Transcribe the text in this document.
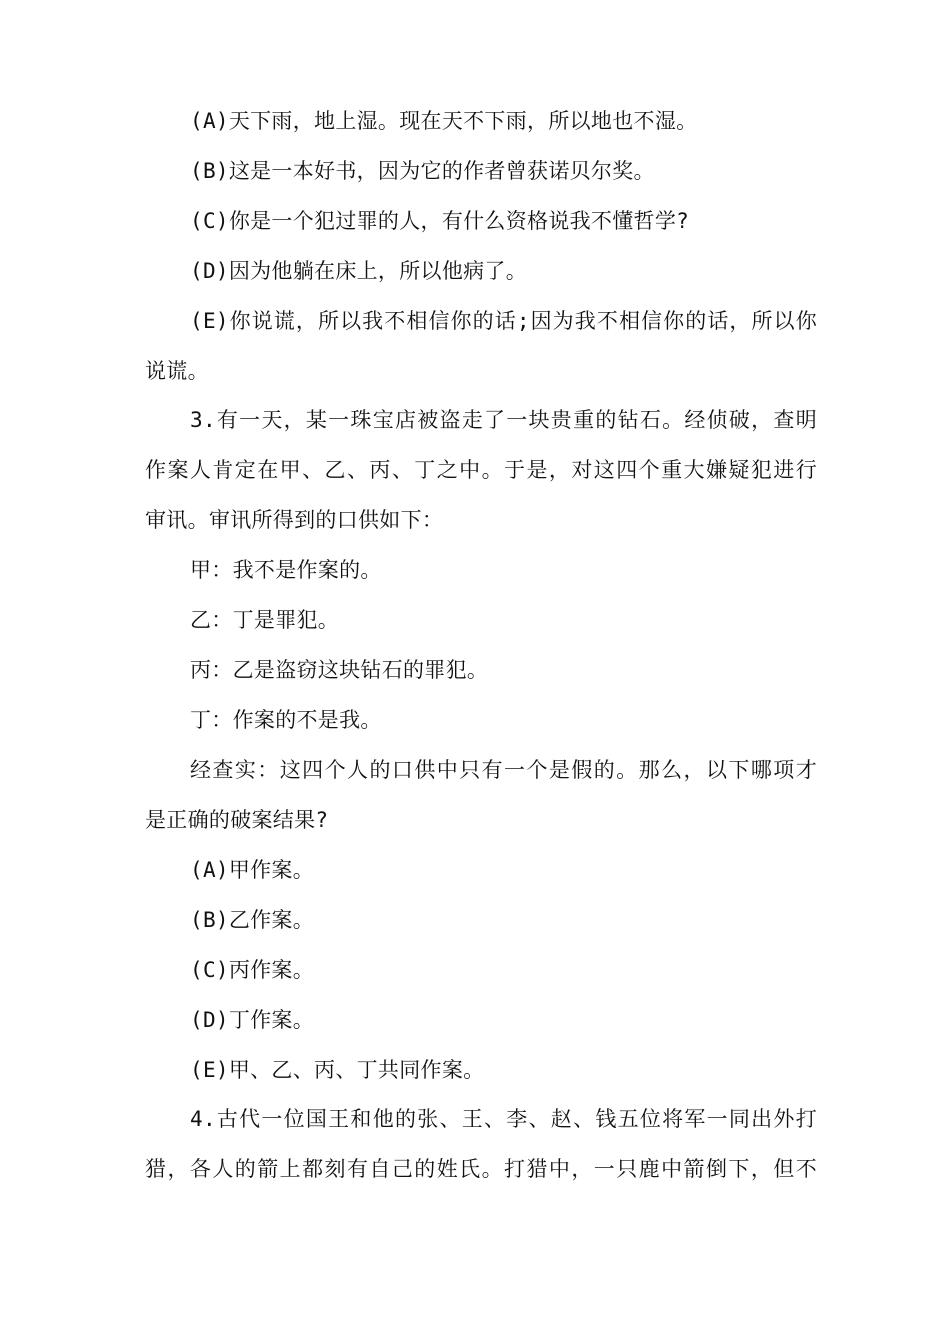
(A)天下雨，地上湿。现在天不下雨，所以地也不湿。
(B)这是一本好书，因为它的作者曾获诺贝尔奖。
(C)你是一个犯过罪的人，有什么资格说我不懂哲学?
(D)因为他躺在床上，所以他病了。
(E)你说谎，所以我不相信你的话;因为我不相信你的话，所以你
说谎。
3.有一天，某一珠宝店被盗走了一块贵重的钻石。经侦破，查明
作案人肯定在甲、乙、丙、丁之中。于是，对这四个重大嫌疑犯进行
审讯。审讯所得到的口供如下：
甲：我不是作案的。
乙：丁是罪犯。
丙：乙是盗窃这块钻石的罪犯。
丁：作案的不是我。
经查实：这四个人的口供中只有一个是假的。那么，以下哪项才
是正确的破案结果?
(A)甲作案。
(B)乙作案。
(C)丙作案。
(D)丁作案。
(E)甲、乙、丙、丁共同作案。
4.古代一位国王和他的张、王、李、赵、钱五位将军一同出外打
猎，各人的箭上都刻有自己的姓氏。打猎中，一只鹿中箭倒下，但不
